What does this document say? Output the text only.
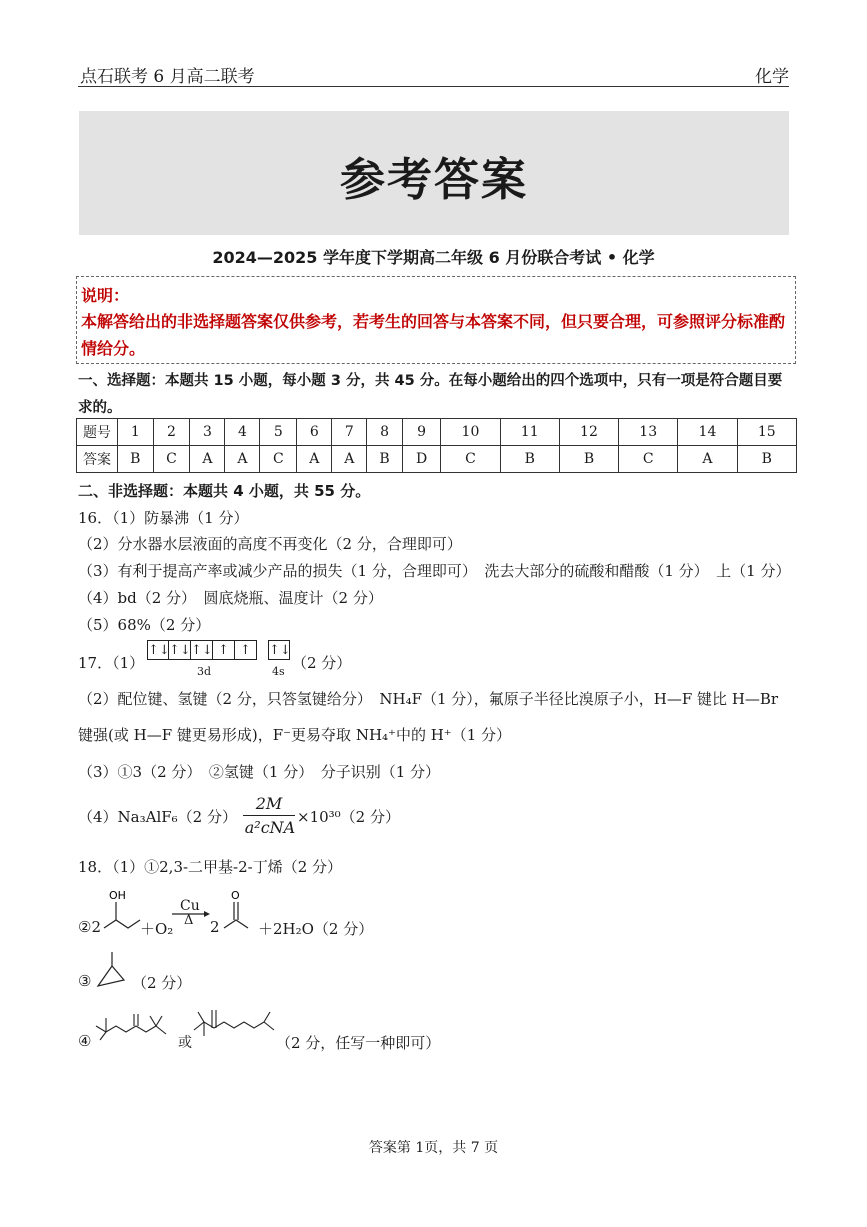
点石联考 6 月高二联考	化学
参考答案
2024—2025 学年度下学期高二年级 6 月份联合考试 • 化学
说明：
本解答给出的非选择题答案仅供参考，若考生的回答与本答案不同，但只要合理，可参照评分标准酌情给分。
一、选择题：本题共 15 小题，每小题 3 分，共 45 分。在每小题给出的四个选项中，只有一项是符合题目要求的。
题号	1	2	3	4	5	6	7	8	9	10	11	12	13	14	15
答案	B	C	A	A	C	A	A	B	D	C	B	B	C	A	B
二、非选择题：本题共 4 小题，共 55 分。
16．（1）防暴沸（1 分）
（2）分水器水层液面的高度不再变化（2 分，合理即可）
（3）有利于提高产率或减少产品的损失（1 分，合理即可）　洗去大部分的硫酸和醋酸（1 分）　上（1 分）
（4）bd（2 分）　圆底烧瓶、温度计（2 分）
（5）68%（2 分）
17．（1）
↑↓ ↑↓ ↑↓ ↑ ↑
3d
↑↓
4s （2 分）
（2）配位键、氢键（2 分，只答氢键给分）　NH₄F（1 分），氟原子半径比溴原子小，H—F 键比 H—Br
键强(或 H—F 键更易形成)，F⁻更易夺取 NH₄⁺中的 H⁺（1 分）
（3）①3（2 分）　②氢键（1 分）　分子识别（1 分）
（4）Na₃AlF₆（2 分）
2M
a²cNA
×10³⁰（2 分）
18．（1）①2,3-二甲基-2-丁烯（2 分）
②2
OH
＋O₂
Cu
Δ 2
O
＋2H₂O（2 分）
③	（2 分）
④	或	（2 分，任写一种即可）
答案第 1页，共 7 页
